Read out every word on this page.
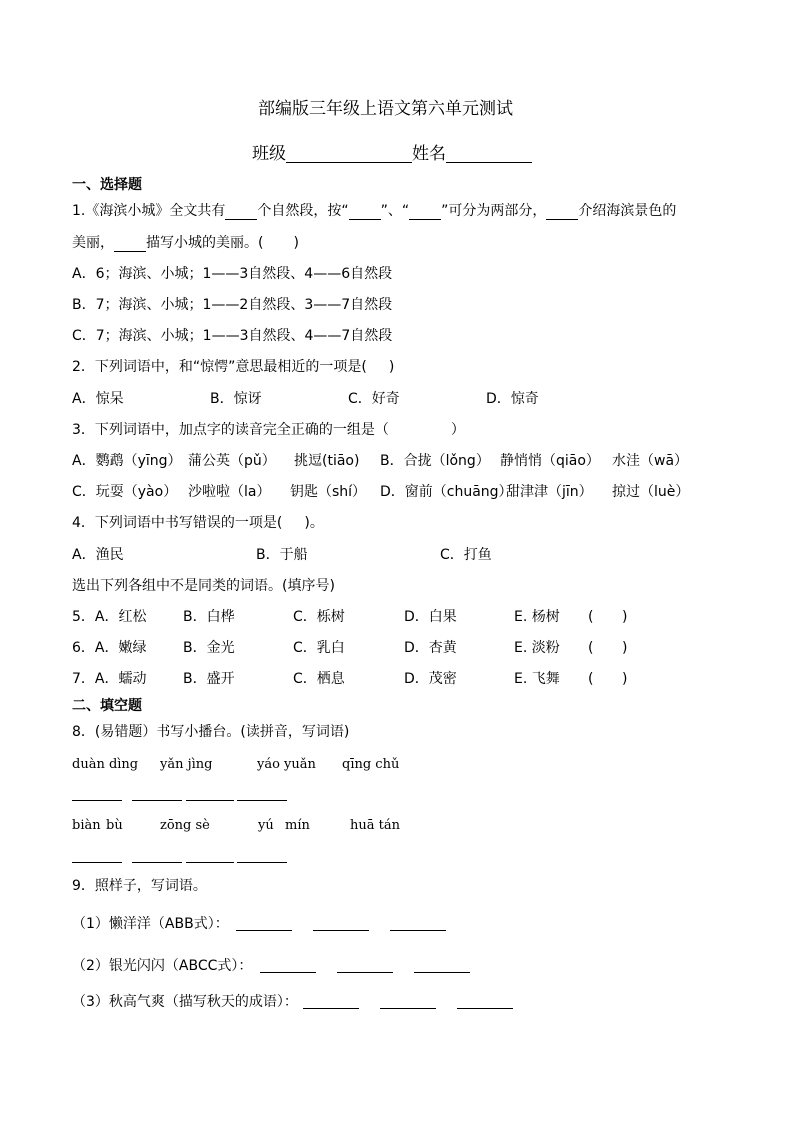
部编版三年级上语文第六单元测试
班级	姓名
一、选择题
1.《海滨小城》全文共有 个自然段，按“ ”、“ ”可分为两部分， 介绍海滨景色的
美丽， 描写小城的美丽。( )
A．6；海滨、小城；1——3自然段、4——6自然段
B．7；海滨、小城；1——2自然段、3——7自然段
C．7；海滨、小城；1——3自然段、4——7自然段
2．下列词语中，和“惊愕”意思最相近的一项是( )
A．惊呆	B．惊讶	C．好奇	D．惊奇
3．下列词语中，加点字的读音完全正确的一组是（	）
A．鹦鹉（yīng） 蒲公英（pǔ） 挑逗(tiāo) B．合拢（lǒng） 静悄悄（qiāo） 水洼（wā）
C．玩耍（yào） 沙啦啦（la） 钥匙（shí） D．窗前（chuāng）
甜津津（jīn） 掠过（luè）
4．下列词语中书写错误的一项是( )。
A．渔民	B．于船	C．打鱼
选出下列各组中不是同类的词语。(填序号)
5．A．红松	B．白桦	C．栎树	D．白果	E. 杨树 ( )
6．A．嫩绿	B．金光	C．乳白	D．杏黄	E. 淡粉 ( )
7．A．蠕动	B．盛开	C．栖息	D．茂密	E. 飞舞 ( )
二、填空题
8．(易错题）书写小播台。(读拼音，写词语)
duàn dìng yǎn jìng	yáo yuǎn qīng chǔ
biàn bù	zōng sè	yú mín	huā tán
9．照样子，写词语。
（1）懒洋洋（ABB式）：
（2）银光闪闪（ABCC式）：
（3）秋高气爽（描写秋天的成语）：
